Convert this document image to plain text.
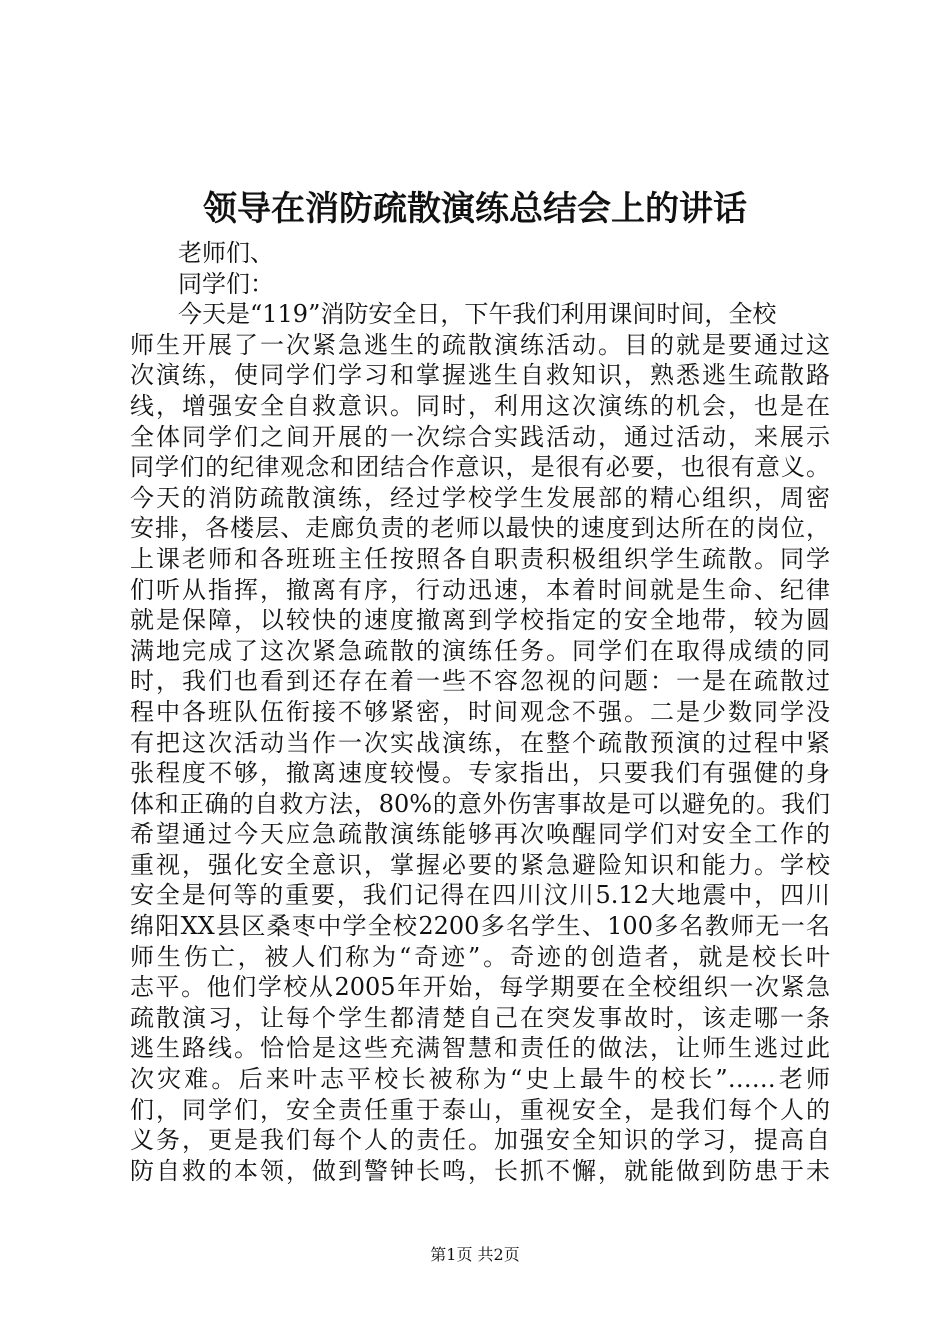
领导在消防疏散演练总结会上的讲话
老师们、
同学们：
今天是“119”消防安全日，下午我们利用课间时间，全校
师生开展了一次紧急逃生的疏散演练活动。目的就是要通过这
次演练，使同学们学习和掌握逃生自救知识，熟悉逃生疏散路
线，增强安全自救意识。同时，利用这次演练的机会，也是在
全体同学们之间开展的一次综合实践活动，通过活动，来展示
同学们的纪律观念和团结合作意识，是很有必要，也很有意义。
今天的消防疏散演练，经过学校学生发展部的精心组织，周密
安排，各楼层、走廊负责的老师以最快的速度到达所在的岗位，
上课老师和各班班主任按照各自职责积极组织学生疏散。同学
们听从指挥，撤离有序，行动迅速，本着时间就是生命、纪律
就是保障，以较快的速度撤离到学校指定的安全地带，较为圆
满地完成了这次紧急疏散的演练任务。同学们在取得成绩的同
时，我们也看到还存在着一些不容忽视的问题：一是在疏散过
程中各班队伍衔接不够紧密，时间观念不强。二是少数同学没
有把这次活动当作一次实战演练，在整个疏散预演的过程中紧
张程度不够，撤离速度较慢。专家指出，只要我们有强健的身
体和正确的自救方法，80%的意外伤害事故是可以避免的。我们
希望通过今天应急疏散演练能够再次唤醒同学们对安全工作的
重视，强化安全意识，掌握必要的紧急避险知识和能力。学校
安全是何等的重要，我们记得在四川汶川5.12大地震中，四川
绵阳XX县区桑枣中学全校2200多名学生、100多名教师无一名
师生伤亡，被人们称为“奇迹”。奇迹的创造者，就是校长叶
志平。他们学校从2005年开始，每学期要在全校组织一次紧急
疏散演习，让每个学生都清楚自己在突发事故时，该走哪一条
逃生路线。恰恰是这些充满智慧和责任的做法，让师生逃过此
次灾难。后来叶志平校长被称为“史上最牛的校长”……老师
们，同学们，安全责任重于泰山，重视安全，是我们每个人的
义务，更是我们每个人的责任。加强安全知识的学习，提高自
防自救的本领，做到警钟长鸣，长抓不懈，就能做到防患于未
第1页 共2页
